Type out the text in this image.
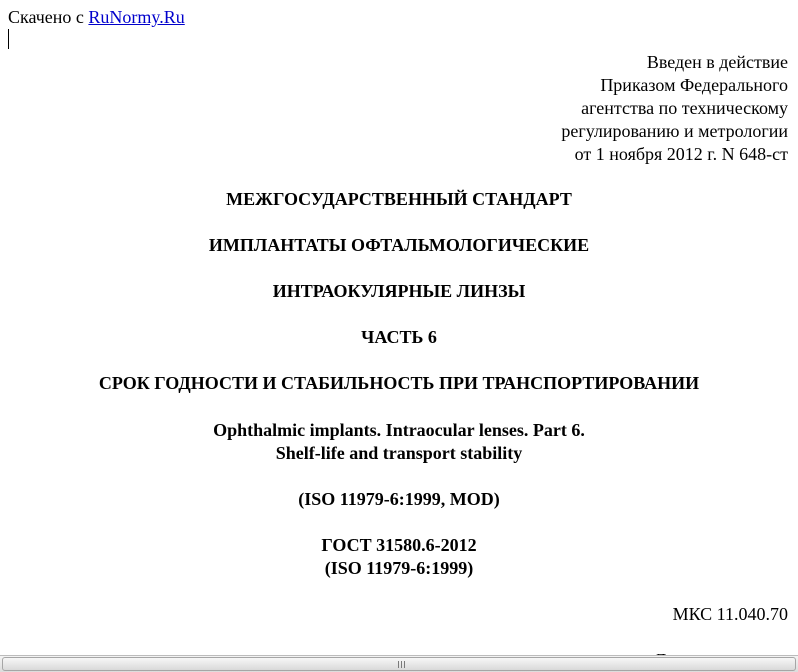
Скачено с RuNormy.Ru
Введен в действие
Приказом Федерального
агентства по техническому
регулированию и метрологии
от 1 ноября 2012 г. N 648-ст
МЕЖГОСУДАРСТВЕННЫЙ СТАНДАРТ
ИМПЛАНТАТЫ ОФТАЛЬМОЛОГИЧЕСКИЕ
ИНТРАОКУЛЯРНЫЕ ЛИНЗЫ
ЧАСТЬ 6
СРОК ГОДНОСТИ И СТАБИЛЬНОСТЬ ПРИ ТРАНСПОРТИРОВАНИИ
Ophthalmic implants. Intraocular lenses. Part 6.
Shelf-life and transport stability
(ISO 11979-6:1999, MOD)
ГОСТ 31580.6-2012
(ISO 11979-6:1999)
МКС 11.040.70
